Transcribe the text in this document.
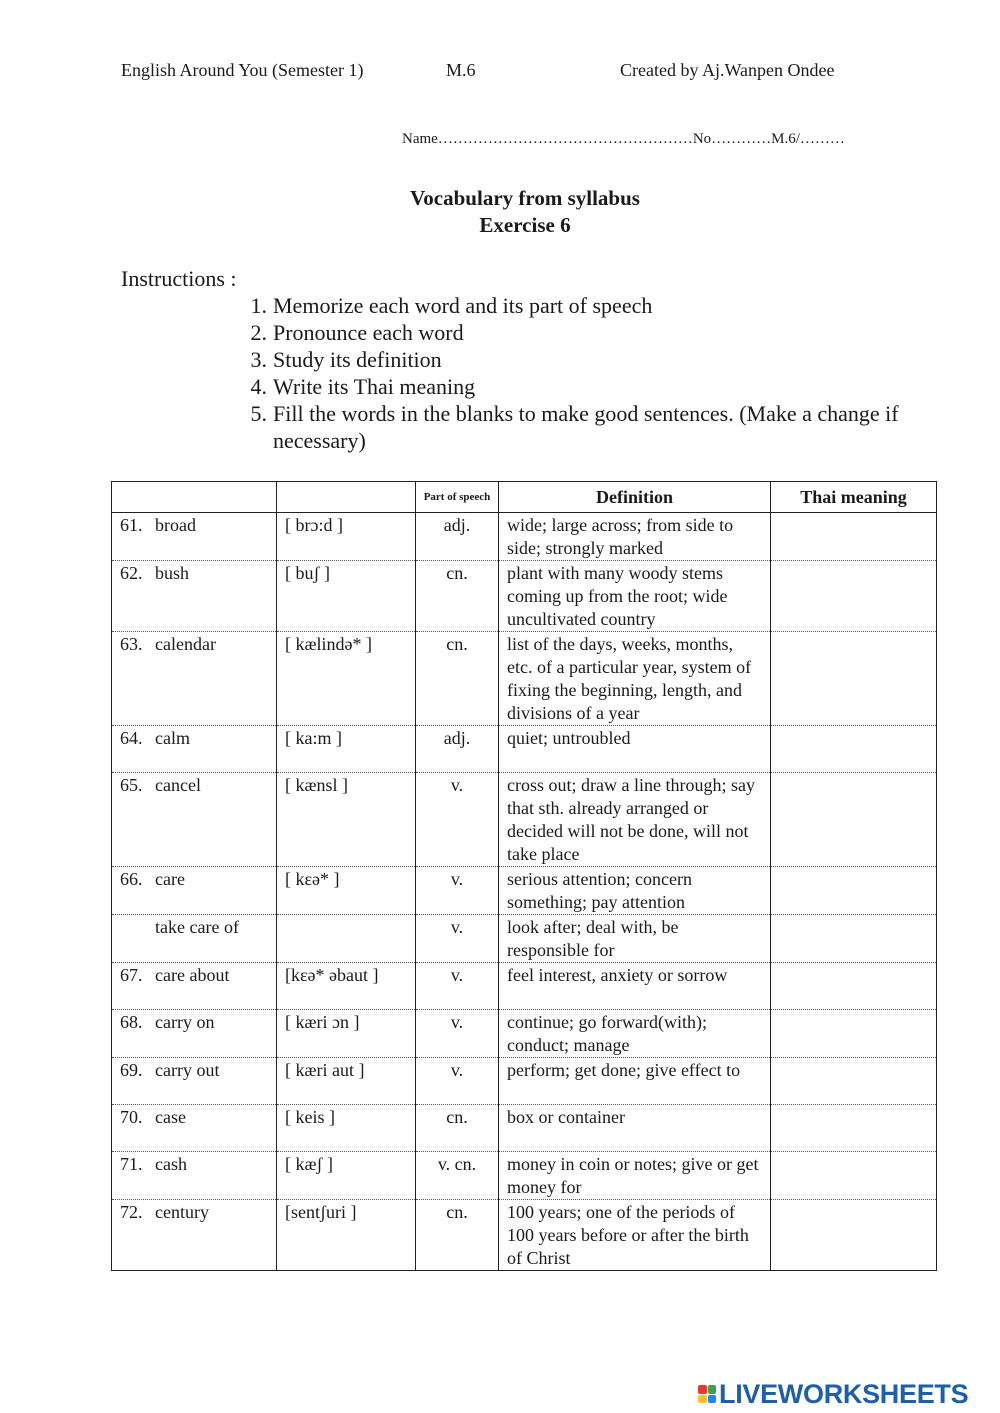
English Around You (Semester 1)	M.6	Created by Aj.Wanpen Ondee
Name……………………………………………No…………M.6/………
Vocabulary from syllabus
Exercise 6
Instructions :
1. Memorize each word and its part of speech
2. Pronounce each word
3. Study its definition
4. Write its Thai meaning
5. Fill the words in the blanks to make good sentences. (Make a change if necessary)
		Part of speech	Definition	Thai meaning
61. broad	[ brɔ:d ]	adj.	wide; large across; from side to side; strongly marked	
62. bush	[ buʃ ]	cn.	plant with many woody stems coming up from the root; wide uncultivated country	
63. calendar	[ kælində* ]	cn.	list of the days, weeks, months, etc. of a particular year, system of fixing the beginning, length, and divisions of a year	
64. calm	[ ka:m ]	adj.	quiet; untroubled	
65. cancel	[ kænsl ]	v.	cross out; draw a line through; say that sth. already arranged or decided will not be done, will not take place	
66. care	[ kɛə* ]	v.	serious attention; concern something; pay attention	
take care of		v.	look after; deal with, be responsible for	
67. care about	[kɛə* əbaut ]	v.	feel interest, anxiety or sorrow	
68. carry on	[ kæri ɔn ]	v.	continue; go forward(with); conduct; manage	
69. carry out	[ kæri aut ]	v.	perform; get done; give effect to	
70. case	[ keis ]	cn.	box or container	
71. cash	[ kæʃ ]	v. cn.	money in coin or notes; give or get money for	
72. century	[sentʃuri ]	cn.	100 years; one of the periods of 100 years before or after the birth of Christ	
LIVEWORKSHEETS
